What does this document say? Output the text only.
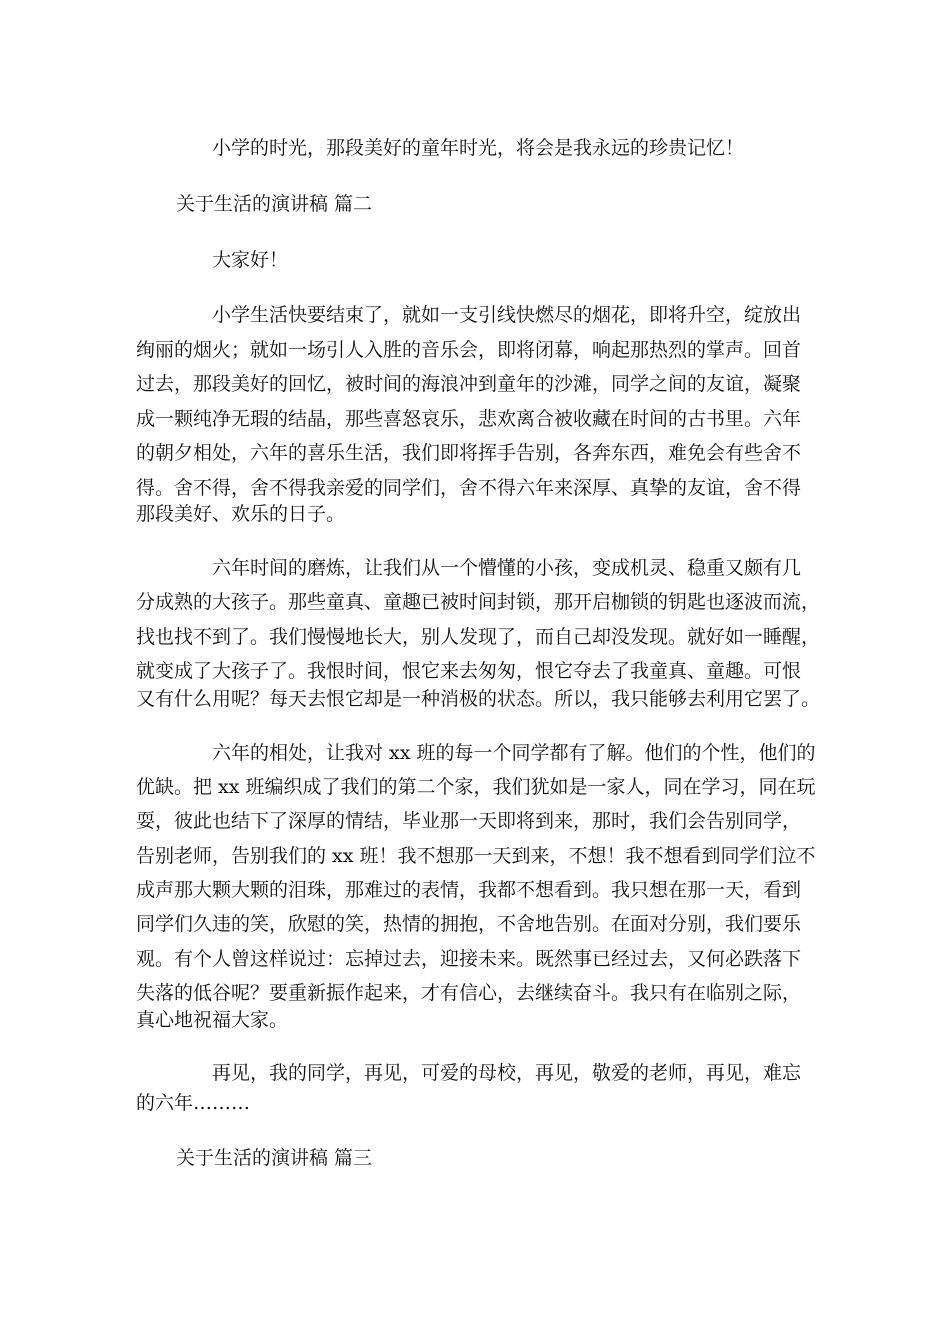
小学的时光，那段美好的童年时光，将会是我永远的珍贵记忆！

关于生活的演讲稿 篇二

大家好！

小学生活快要结束了，就如一支引线快燃尽的烟花，即将升空，绽放出

绚丽的烟火；就如一场引人入胜的音乐会，即将闭幕，响起那热烈的掌声。回首

过去，那段美好的回忆，被时间的海浪冲到童年的沙滩，同学之间的友谊，凝聚

成一颗纯净无瑕的结晶，那些喜怒哀乐，悲欢离合被收藏在时间的古书里。六年

的朝夕相处，六年的喜乐生活，我们即将挥手告别，各奔东西，难免会有些舍不

得。舍不得，舍不得我亲爱的同学们，舍不得六年来深厚、真挚的友谊，舍不得

那段美好、欢乐的日子。

六年时间的磨炼，让我们从一个懵懂的小孩，变成机灵、稳重又颇有几

分成熟的大孩子。那些童真、童趣已被时间封锁，那开启枷锁的钥匙也逐波而流，

找也找不到了。我们慢慢地长大，别人发现了，而自己却没发现。就好如一睡醒，

就变成了大孩子了。我恨时间，恨它来去匆匆，恨它夺去了我童真、童趣。可恨

又有什么用呢？每天去恨它却是一种消极的状态。所以，我只能够去利用它罢了。

六年的相处，让我对 xx 班的每一个同学都有了解。他们的个性，他们的

优缺。把 xx 班编织成了我们的第二个家，我们犹如是一家人，同在学习，同在玩

耍，彼此也结下了深厚的情结，毕业那一天即将到来，那时，我们会告别同学，

告别老师，告别我们的 xx 班！我不想那一天到来，不想！我不想看到同学们泣不

成声那大颗大颗的泪珠，那难过的表情，我都不想看到。我只想在那一天，看到

同学们久违的笑，欣慰的笑，热情的拥抱，不舍地告别。在面对分别，我们要乐

观。有个人曾这样说过：忘掉过去，迎接未来。既然事已经过去，又何必跌落下

失落的低谷呢？要重新振作起来，才有信心，去继续奋斗。我只有在临别之际，

真心地祝福大家。

再见，我的同学，再见，可爱的母校，再见，敬爱的老师，再见，难忘

的六年………

关于生活的演讲稿 篇三
